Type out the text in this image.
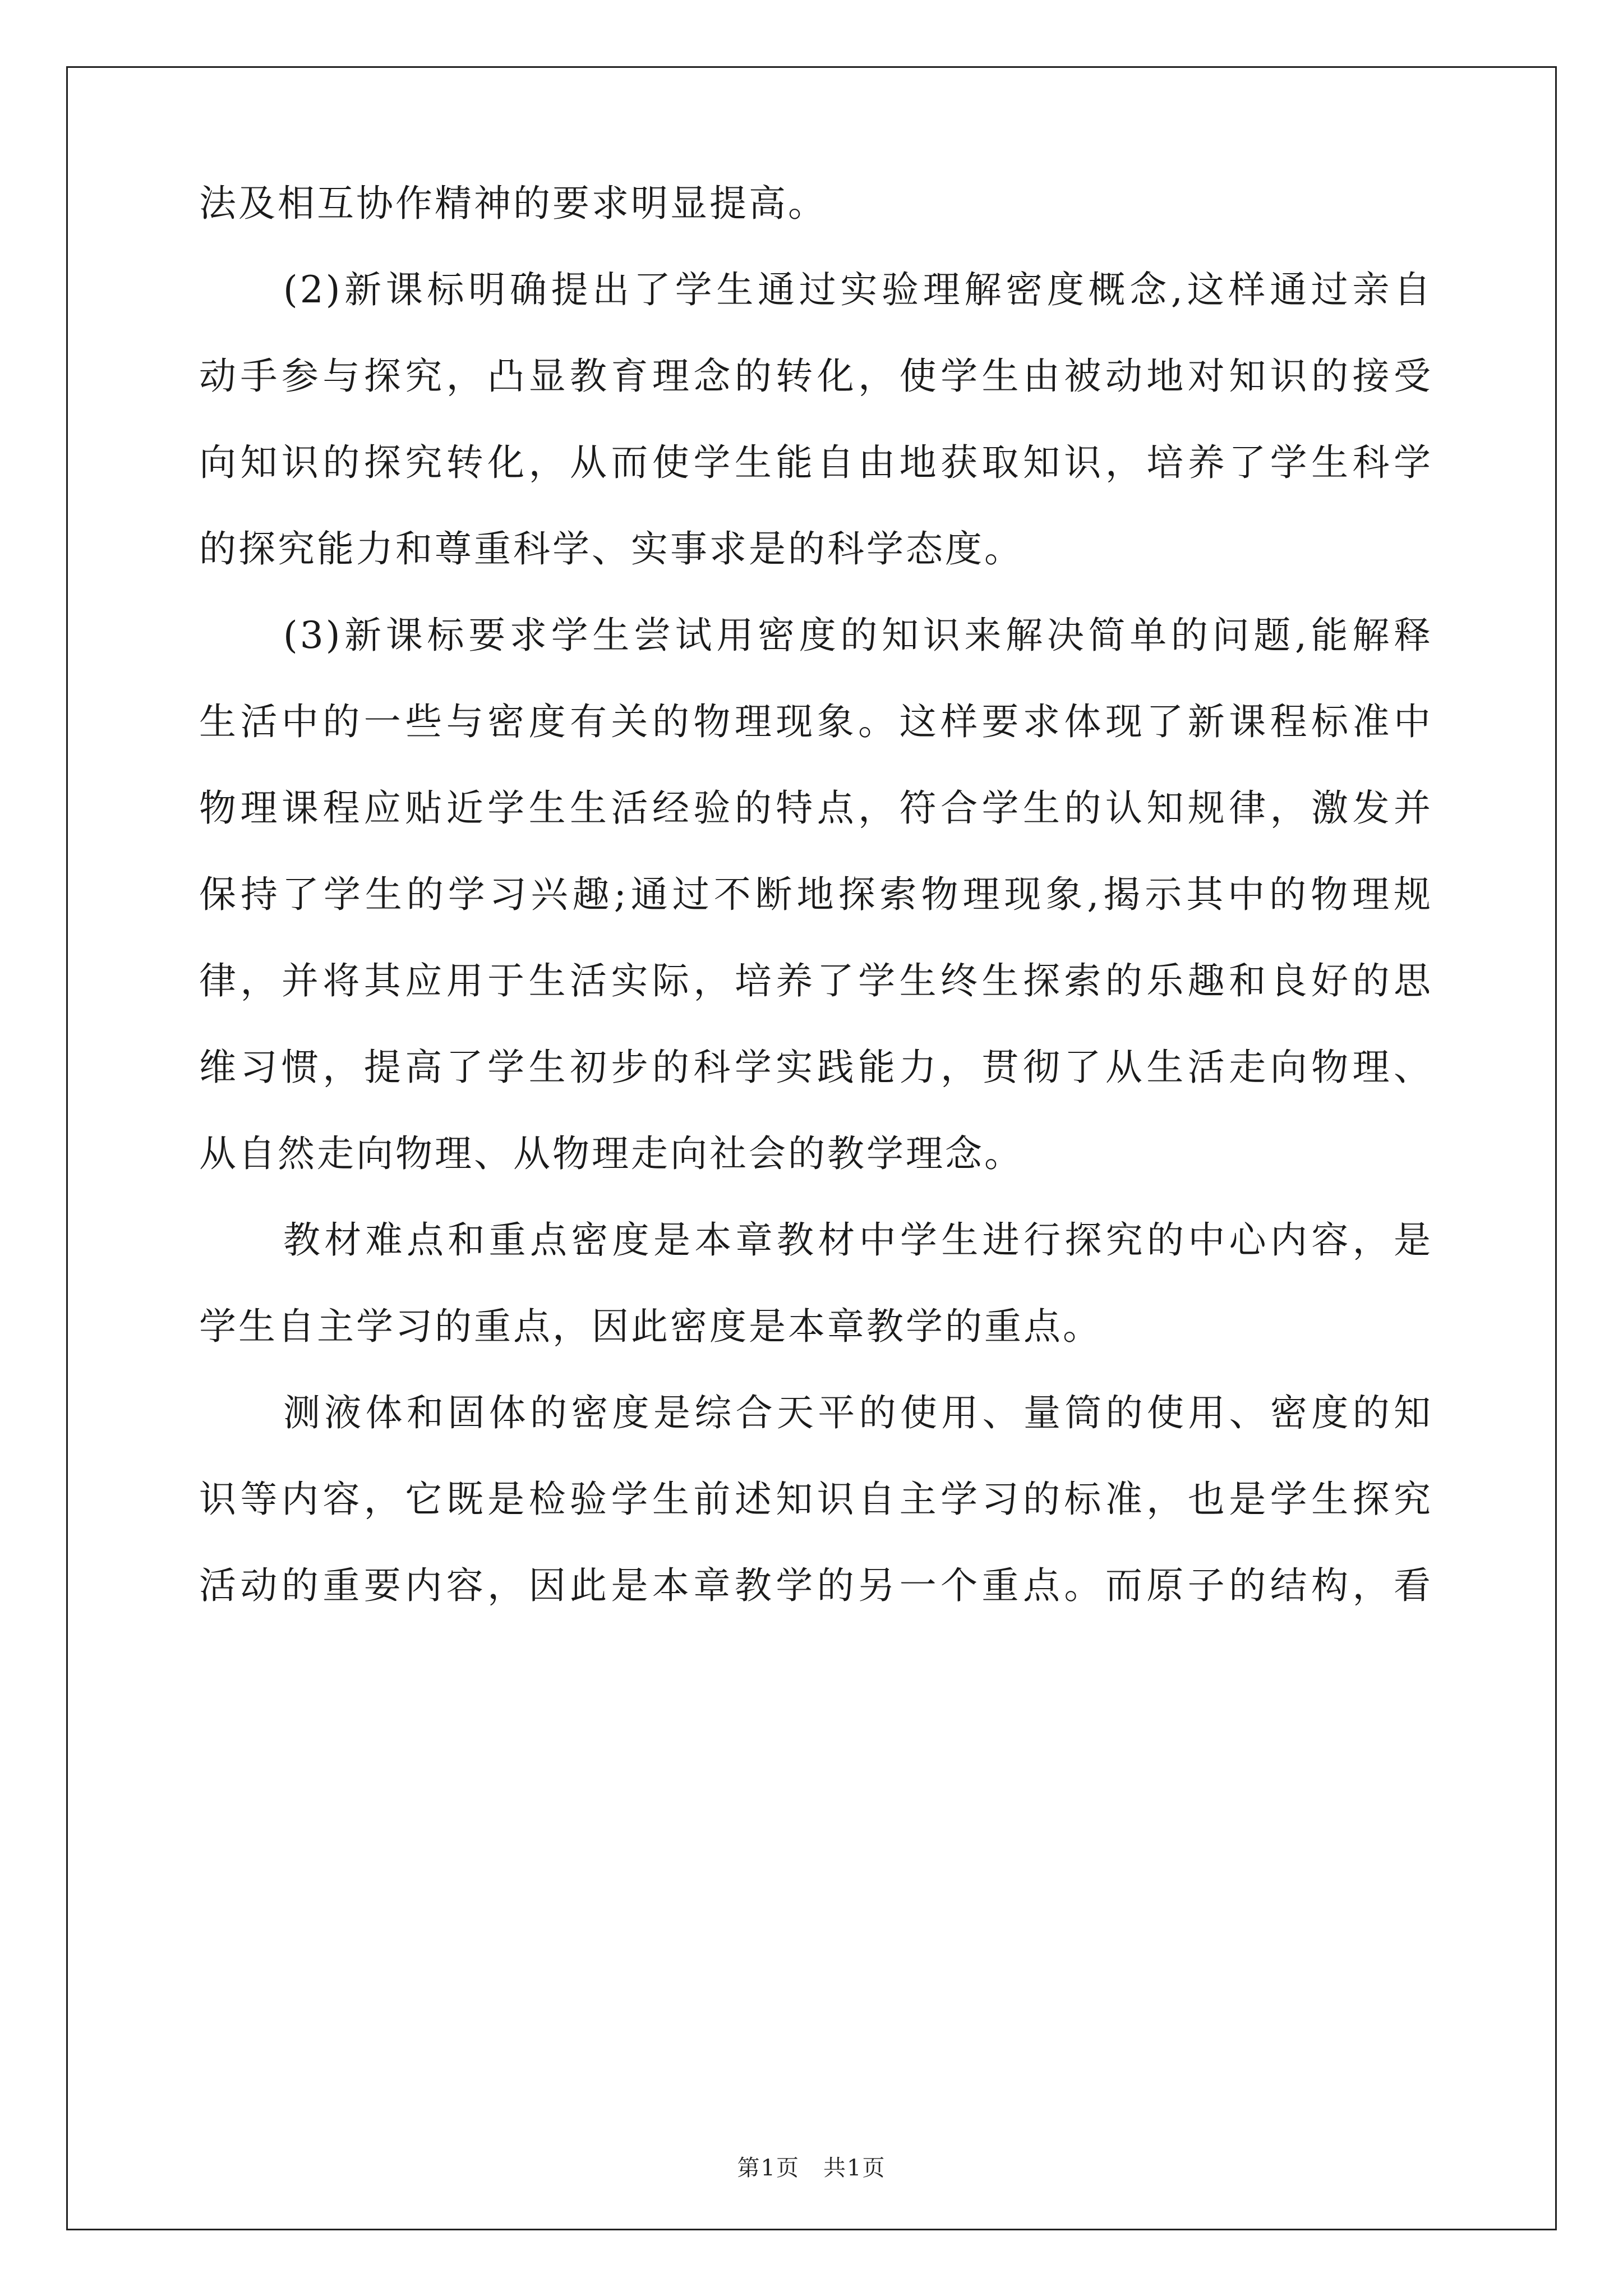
法及相互协作精神的要求明显提高。
(2)新课标明确提出了学生通过实验理解密度概念,这样通过亲自
动手参与探究，凸显教育理念的转化，使学生由被动地对知识的接受
向知识的探究转化，从而使学生能自由地获取知识，培养了学生科学
的探究能力和尊重科学、实事求是的科学态度。
(3)新课标要求学生尝试用密度的知识来解决简单的问题,能解释
生活中的一些与密度有关的物理现象。这样要求体现了新课程标准中
物理课程应贴近学生生活经验的特点，符合学生的认知规律，激发并
保持了学生的学习兴趣;通过不断地探索物理现象,揭示其中的物理规
律，并将其应用于生活实际，培养了学生终生探索的乐趣和良好的思
维习惯，提高了学生初步的科学实践能力，贯彻了从生活走向物理、
从自然走向物理、从物理走向社会的教学理念。
教材难点和重点密度是本章教材中学生进行探究的中心内容，是
学生自主学习的重点，因此密度是本章教学的重点。
测液体和固体的密度是综合天平的使用、量筒的使用、密度的知
识等内容，它既是检验学生前述知识自主学习的标准，也是学生探究
活动的重要内容，因此是本章教学的另一个重点。而原子的结构，看
第1页　共1页
